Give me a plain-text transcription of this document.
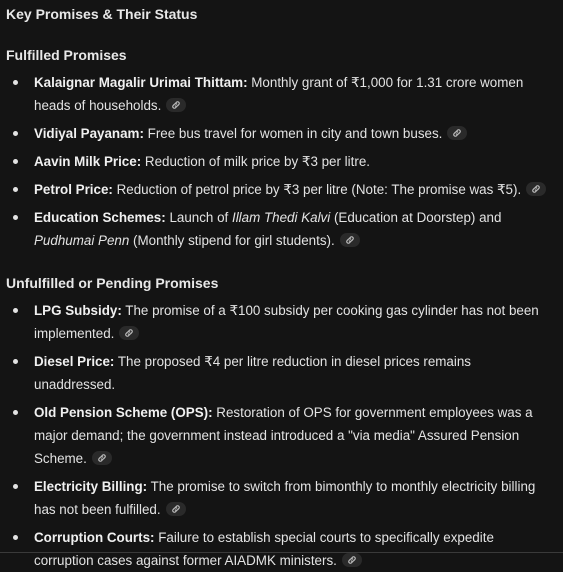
Key Promises & Their Status
Fulfilled Promises
Kalaignar Magalir Urimai Thittam: Monthly grant of ₹1,000 for 1.31 crore women heads of households.
Vidiyal Payanam: Free bus travel for women in city and town buses.
Aavin Milk Price: Reduction of milk price by ₹3 per litre.
Petrol Price: Reduction of petrol price by ₹3 per litre (Note: The promise was ₹5).
Education Schemes: Launch of Illam Thedi Kalvi (Education at Doorstep) and Pudhumai Penn (Monthly stipend for girl students).
Unfulfilled or Pending Promises
LPG Subsidy: The promise of a ₹100 subsidy per cooking gas cylinder has not been implemented.
Diesel Price: The proposed ₹4 per litre reduction in diesel prices remains unaddressed.
Old Pension Scheme (OPS): Restoration of OPS for government employees was a major demand; the government instead introduced a "via media" Assured Pension Scheme.
Electricity Billing: The promise to switch from bimonthly to monthly electricity billing has not been fulfilled.
Corruption Courts: Failure to establish special courts to specifically expedite corruption cases against former AIADMK ministers.
